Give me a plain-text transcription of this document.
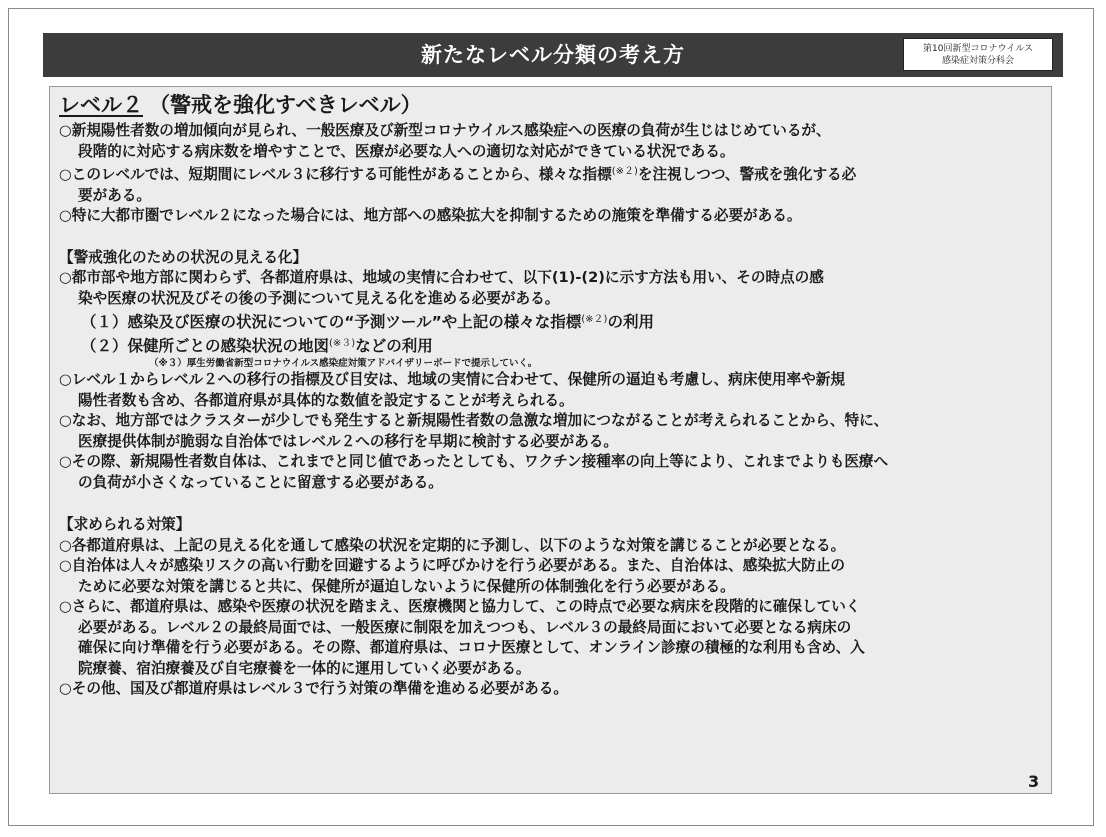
新たなレベル分類の考え方	第10回新型コロナウイルス
感染症対策分科会
レベル２ （警戒を強化すべきレベル）
○新規陽性者数の増加傾向が見られ、一般医療及び新型コロナウイルス感染症への医療の負荷が生じはじめているが、
段階的に対応する病床数を増やすことで、医療が必要な人への適切な対応ができている状況である。
○このレベルでは、短期間にレベル３に移行する可能性があることから、様々な指標$^{(※2)}$を注視しつつ、警戒を強化する必
要がある。
○特に大都市圏でレベル２になった場合には、地方部への感染拡大を抑制するための施策を準備する必要がある。
【警戒強化のための状況の見える化】
○都市部や地方部に関わらず、各都道府県は、地域の実情に合わせて、以下(1)-(2)に示す方法も用い、その時点の感
染や医療の状況及びその後の予測について見える化を進める必要がある。
（１）感染及び医療の状況についての“予測ツール”や上記の様々な指標$^{(※2)}$の利用
（２）保健所ごとの感染状況の地図$^{(※3)}$などの利用
（※３）厚生労働省新型コロナウイルス感染症対策アドバイザリーボードで提示していく。
○レベル１からレベル２への移行の指標及び目安は、地域の実情に合わせて、保健所の逼迫も考慮し、病床使用率や新規
陽性者数も含め、各都道府県が具体的な数値を設定することが考えられる。
○なお、地方部ではクラスターが少しでも発生すると新規陽性者数の急激な増加につながることが考えられることから、特に、
医療提供体制が脆弱な自治体ではレベル２への移行を早期に検討する必要がある。
○その際、新規陽性者数自体は、これまでと同じ値であったとしても、ワクチン接種率の向上等により、これまでよりも医療へ
の負荷が小さくなっていることに留意する必要がある。
【求められる対策】
○各都道府県は、上記の見える化を通して感染の状況を定期的に予測し、以下のような対策を講じることが必要となる。
○自治体は人々が感染リスクの高い行動を回避するように呼びかけを行う必要がある。また、自治体は、感染拡大防止の
ために必要な対策を講じると共に、保健所が逼迫しないように保健所の体制強化を行う必要がある。
○さらに、都道府県は、感染や医療の状況を踏まえ、医療機関と協力して、この時点で必要な病床を段階的に確保していく
必要がある。レベル２の最終局面では、一般医療に制限を加えつつも、レベル３の最終局面において必要となる病床の
確保に向け準備を行う必要がある。その際、都道府県は、コロナ医療として、オンライン診療の積極的な利用も含め、入
院療養、宿泊療養及び自宅療養を一体的に運用していく必要がある。
○その他、国及び都道府県はレベル３で行う対策の準備を進める必要がある。
3
